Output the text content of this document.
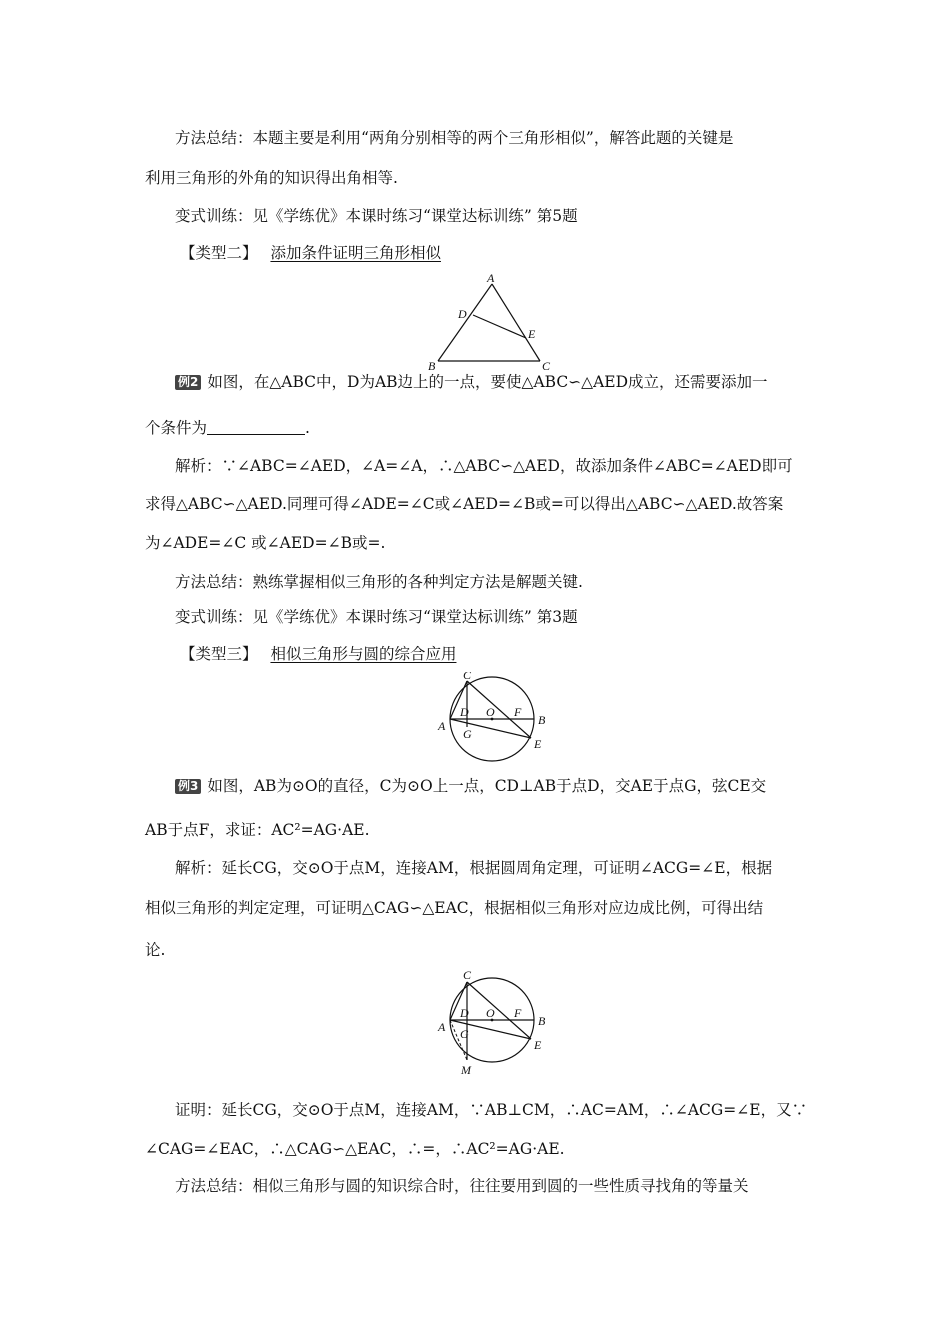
方法总结：本题主要是利用“两角分别相等的两个三角形相似”，解答此题的关键是
利用三角形的外角的知识得出角相等.
变式训练：见《学练优》本课时练习“课堂达标训练” 第5题
【类型二】 添加条件证明三角形相似
A
D
E
B	C
例2 如图，在△ABC中，D为AB边上的一点，要使△ABC∽△AED成立，还需要添加一
个条件为	.
解析：∵∠ABC=∠AED，∠A=∠A，∴△ABC∽△AED，故添加条件∠ABC=∠AED即可
求得△ABC∽△AED.同理可得∠ADE=∠C或∠AED=∠B或=可以得出△ABC∽△AED.故答案
为∠ADE=∠C 或∠AED=∠B或=.
方法总结：熟练掌握相似三角形的各种判定方法是解题关键.
变式训练：见《学练优》本课时练习“课堂达标训练” 第3题
【类型三】 相似三角形与圆的综合应用
C
A
D O F
B
G
E
例3 如图，AB为⊙O的直径，C为⊙O上一点，CD⊥AB于点D，交AE于点G，弦CE交
AB于点F，求证：AC²=AG·AE.
解析：延长CG，交⊙O于点M，连接AM，根据圆周角定理，可证明∠ACG=∠E，根据
相似三角形的判定定理，可证明△CAG∽△EAC，根据相似三角形对应边成比例，可得出结
论.
C
A
D O F
B
G
E
M
证明：延长CG，交⊙O于点M，连接AM，∵AB⊥CM，∴AC=AM，∴∠ACG=∠E，又∵
∠CAG=∠EAC，∴△CAG∽△EAC，∴=，∴AC²=AG·AE.
方法总结：相似三角形与圆的知识综合时，往往要用到圆的一些性质寻找角的等量关
